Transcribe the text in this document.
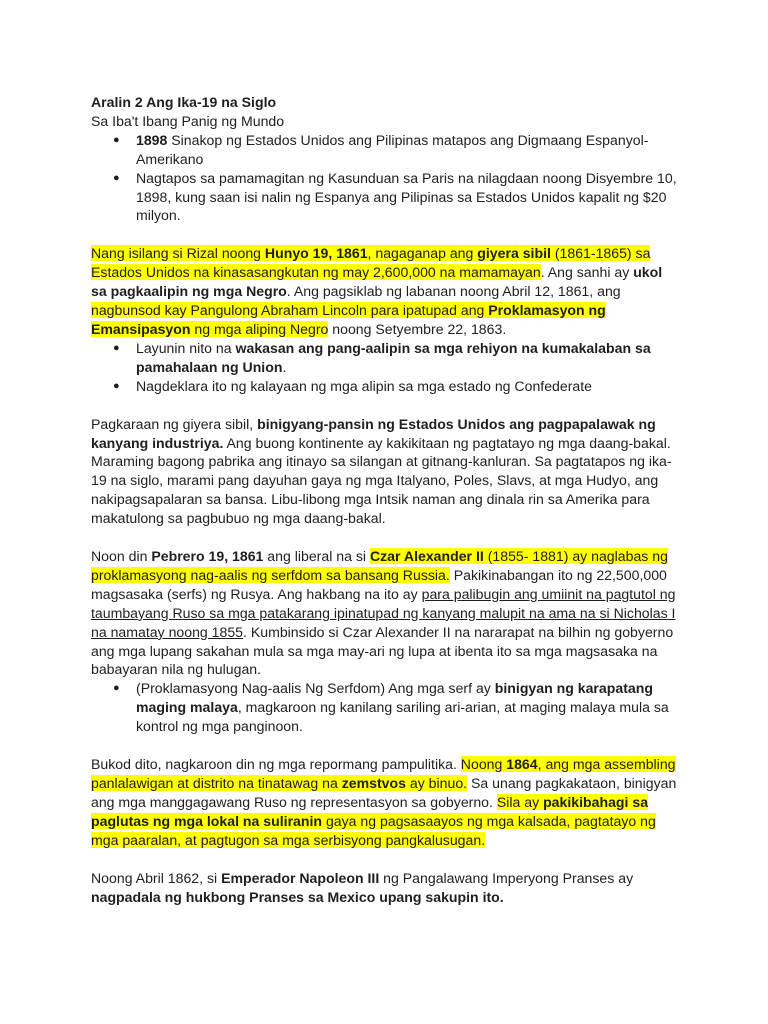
Aralin 2 Ang Ika-19 na Siglo

Sa Iba't Ibang Panig ng Mundo

● 1898 Sinakop ng Estados Unidos ang Pilipinas matapos ang Digmaang Espanyol-Amerikano
● Nagtapos sa pamamagitan ng Kasunduan sa Paris na nilagdaan noong Disyembre 10, 1898, kung saan isi nalin ng Espanya ang Pilipinas sa Estados Unidos kapalit ng $20 milyon.

Nang isilang si Rizal noong Hunyo 19, 1861, nagaganap ang giyera sibil (1861-1865) sa Estados Unidos na kinasasangkutan ng may 2,600,000 na mamamayan. Ang sanhi ay ukol sa pagkaalipin ng mga Negro. Ang pagsiklab ng labanan noong Abril 12, 1861, ang nagbunsod kay Pangulong Abraham Lincoln para ipatupad ang Proklamasyon ng Emansipasyon ng mga aliping Negro noong Setyembre 22, 1863.

● Layunin nito na wakasan ang pang-aalipin sa mga rehiyon na kumakalaban sa pamahalaan ng Union.
● Nagdeklara ito ng kalayaan ng mga alipin sa mga estado ng Confederate

Pagkaraan ng giyera sibil, binigyang-pansin ng Estados Unidos ang pagpapalawak ng kanyang industriya. Ang buong kontinente ay kakikitaan ng pagtatayo ng mga daang-bakal. Maraming bagong pabrika ang itinayo sa silangan at gitnang-kanluran. Sa pagtatapos ng ika-19 na siglo, marami pang dayuhan gaya ng mga Italyano, Poles, Slavs, at mga Hudyo, ang nakipagsapalaran sa bansa. Libu-libong mga Intsik naman ang dinala rin sa Amerika para makatulong sa pagbubuo ng mga daang-bakal.

Noon din Pebrero 19, 1861 ang liberal na si Czar Alexander II (1855- 1881) ay naglabas ng proklamasyong nag-aalis ng serfdom sa bansang Russia. Pakikinabangan ito ng 22,500,000 magsasaka (serfs) ng Rusya. Ang hakbang na ito ay para palibugin ang umiinit na pagtutol ng taumbayang Ruso sa mga patakarang ipinatupad ng kanyang malupit na ama na si Nicholas I na namatay noong 1855. Kumbinsido si Czar Alexander II na nararapat na bilhin ng gobyerno ang mga lupang sakahan mula sa mga may-ari ng lupa at ibenta ito sa mga magsasaka na babayaran nila ng hulugan.

● (Proklamasyong Nag-aalis Ng Serfdom) Ang mga serf ay binigyan ng karapatang maging malaya, magkaroon ng kanilang sariling ari-arian, at maging malaya mula sa kontrol ng mga panginoon.

Bukod dito, nagkaroon din ng mga repormang pampulitika. Noong 1864, ang mga assembling panlalawigan at distrito na tinatawag na zemstvos ay binuo. Sa unang pagkakataon, binigyan ang mga manggagawang Ruso ng representasyon sa gobyerno. Sila ay pakikibahagi sa paglutas ng mga lokal na suliranin gaya ng pagsasaayos ng mga kalsada, pagtatayo ng mga paaralan, at pagtugon sa mga serbisyong pangkalusugan.

Noong Abril 1862, si Emperador Napoleon III ng Pangalawang Imperyong Pranses ay nagpadala ng hukbong Pranses sa Mexico upang sakupin ito.
